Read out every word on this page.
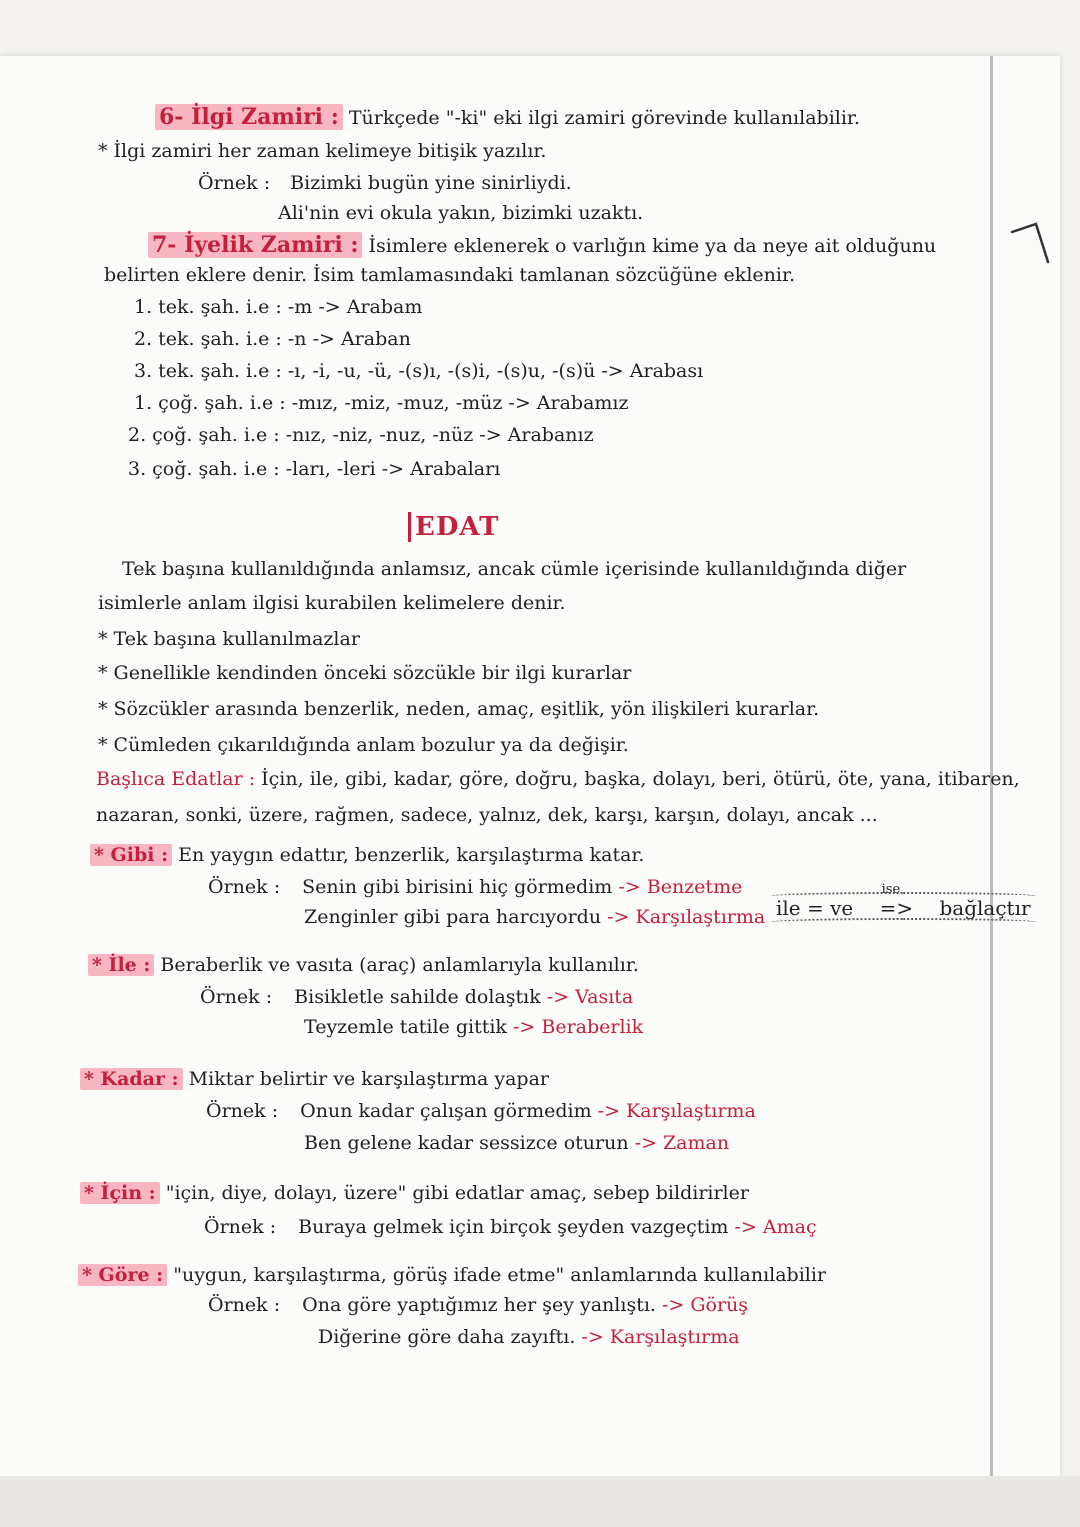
6- İlgi Zamiri : Türkçede "-ki" eki ilgi zamiri görevinde kullanılabilir.
* İlgi zamiri her zaman kelimeye bitişik yazılır.
Örnek : Bizimki bugün yine sinirliydi.
Ali'nin evi okula yakın, bizimki uzaktı.
7- İyelik Zamiri : İsimlere eklenerek o varlığın kime ya da neye ait olduğunu
belirten eklere denir. İsim tamlamasındaki tamlanan sözcüğüne eklenir.
1. tek. şah. i.e : -m -> Arabam
2. tek. şah. i.e : -n -> Araban
3. tek. şah. i.e : -ı, -i, -u, -ü, -(s)ı, -(s)i, -(s)u, -(s)ü -> Arabası
1. çoğ. şah. i.e : -mız, -miz, -muz, -müz -> Arabamız
2. çoğ. şah. i.e : -nız, -niz, -nuz, -nüz -> Arabanız
3. çoğ. şah. i.e : -ları, -leri -> Arabaları
EDAT
Tek başına kullanıldığında anlamsız, ancak cümle içerisinde kullanıldığında diğer
isimlerle anlam ilgisi kurabilen kelimelere denir.
* Tek başına kullanılmazlar
* Genellikle kendinden önceki sözcükle bir ilgi kurarlar
* Sözcükler arasında benzerlik, neden, amaç, eşitlik, yön ilişkileri kurarlar.
* Cümleden çıkarıldığında anlam bozulur ya da değişir.
Başlıca Edatlar : İçin, ile, gibi, kadar, göre, doğru, başka, dolayı, beri, ötürü, öte, yana, itibaren,
nazaran, sonki, üzere, rağmen, sadece, yalnız, dek, karşı, karşın, dolayı, ancak ...
* Gibi : En yaygın edattır, benzerlik, karşılaştırma katar.
Örnek : Senin gibi birisini hiç görmedim -> Benzetme
Zenginler gibi para harcıyordu -> Karşılaştırma ile = ve
ise
=> bağlaçtır
* İle : Beraberlik ve vasıta (araç) anlamlarıyla kullanılır.
Örnek : Bisikletle sahilde dolaştık -> Vasıta
Teyzemle tatile gittik -> Beraberlik
* Kadar : Miktar belirtir ve karşılaştırma yapar
Örnek : Onun kadar çalışan görmedim -> Karşılaştırma
Ben gelene kadar sessizce oturun -> Zaman
* İçin : "için, diye, dolayı, üzere" gibi edatlar amaç, sebep bildirirler
Örnek : Buraya gelmek için birçok şeyden vazgeçtim -> Amaç
* Göre : "uygun, karşılaştırma, görüş ifade etme" anlamlarında kullanılabilir
Örnek : Ona göre yaptığımız her şey yanlıştı. -> Görüş
Diğerine göre daha zayıftı. -> Karşılaştırma
